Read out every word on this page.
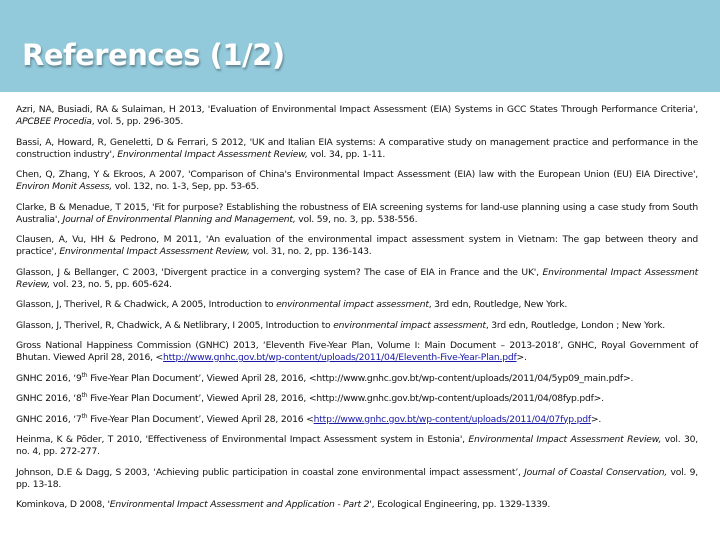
References (1/2)

Azri, NA, Busiadi, RA & Sulaiman, H 2013, 'Evaluation of Environmental Impact Assessment (EIA) Systems in GCC States Through Performance Criteria', APCBEE Procedia, vol. 5, pp. 296-305.

Bassi, A, Howard, R, Geneletti, D & Ferrari, S 2012, 'UK and Italian EIA systems: A comparative study on management practice and performance in the construction industry', Environmental Impact Assessment Review, vol. 34, pp. 1-11.

Chen, Q, Zhang, Y & Ekroos, A 2007, 'Comparison of China's Environmental Impact Assessment (EIA) law with the European Union (EU) EIA Directive', Environ Monit Assess, vol. 132, no. 1-3, Sep, pp. 53-65.

Clarke, B & Menadue, T 2015, 'Fit for purpose? Establishing the robustness of EIA screening systems for land-use planning using a case study from South Australia', Journal of Environmental Planning and Management, vol. 59, no. 3, pp. 538-556.

Clausen, A, Vu, HH & Pedrono, M 2011, 'An evaluation of the environmental impact assessment system in Vietnam: The gap between theory and practice', Environmental Impact Assessment Review, vol. 31, no. 2, pp. 136-143.

Glasson, J & Bellanger, C 2003, 'Divergent practice in a converging system? The case of EIA in France and the UK', Environmental Impact Assessment Review, vol. 23, no. 5, pp. 605-624.

Glasson, J, Therivel, R & Chadwick, A 2005, Introduction to environmental impact assessment, 3rd edn, Routledge, New York.

Glasson, J, Therivel, R, Chadwick, A & Netlibrary, I 2005, Introduction to environmental impact assessment, 3rd edn, Routledge, London ; New York.

Gross National Happiness Commission (GNHC) 2013, ‘Eleventh Five-Year Plan, Volume I: Main Document – 2013-2018’, GNHC, Royal Government of Bhutan. Viewed April 28, 2016, <http://www.gnhc.gov.bt/wp-content/uploads/2011/04/Eleventh-Five-Year-Plan.pdf>.

GNHC 2016, ‘9th Five-Year Plan Document’, Viewed April 28, 2016, <http://www.gnhc.gov.bt/wp-content/uploads/2011/04/5yp09_main.pdf>.

GNHC 2016, ‘8th Five-Year Plan Document’, Viewed April 28, 2016, <http://www.gnhc.gov.bt/wp-content/uploads/2011/04/08fyp.pdf>.

GNHC 2016, ‘7th Five-Year Plan Document’, Viewed April 28, 2016 <http://www.gnhc.gov.bt/wp-content/uploads/2011/04/07fyp.pdf>.

Heinma, K & Põder, T 2010, 'Effectiveness of Environmental Impact Assessment system in Estonia', Environmental Impact Assessment Review, vol. 30, no. 4, pp. 272-277.

Johnson, D.E & Dagg, S 2003, ‘Achieving public participation in coastal zone environmental impact assessment’, Journal of Coastal Conservation, vol. 9, pp. 13-18.

Kominkova, D 2008, 'Environmental Impact Assessment and Application - Part 2', Ecological Engineering, pp. 1329-1339.
